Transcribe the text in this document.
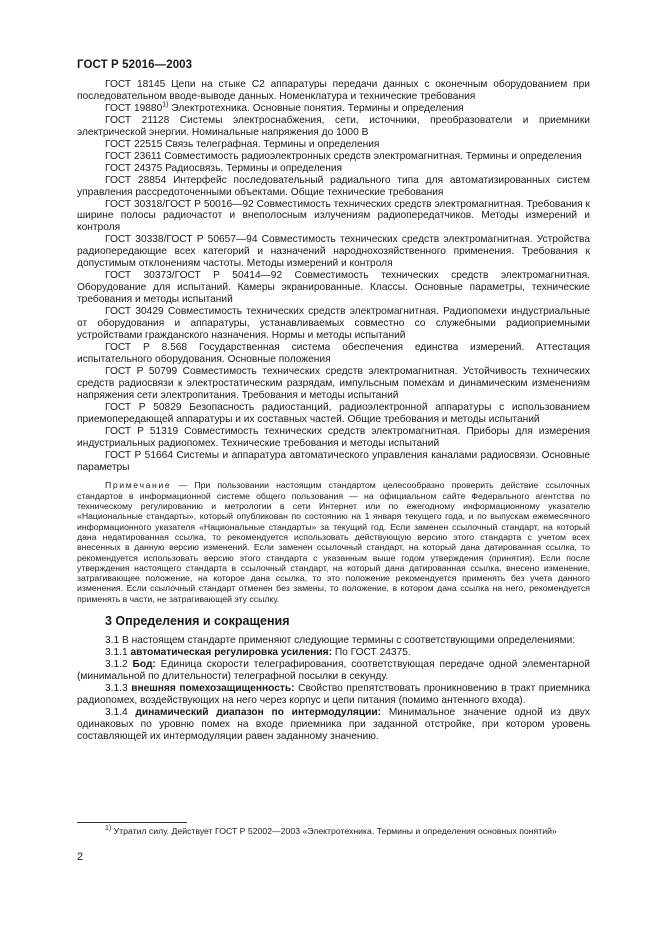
ГОСТ Р 52016—2003

ГОСТ 18145 Цепи на стыке С2 аппаратуры передачи данных с оконечным оборудованием при последовательном вводе-выводе данных. Номенклатура и технические требования

ГОСТ 19880$^{1)}$ Электротехника. Основные понятия. Термины и определения

ГОСТ 21128 Системы электроснабжения, сети, источники, преобразователи и приемники электрической энергии. Номинальные напряжения до 1000 В

ГОСТ 22515 Связь телеграфная. Термины и определения

ГОСТ 23611 Совместимость радиоэлектронных средств электромагнитная. Термины и определения

ГОСТ 24375 Радиосвязь. Термины и определения

ГОСТ 28854 Интерфейс последовательный радиального типа для автоматизированных систем управления рассредоточенными объектами. Общие технические требования

ГОСТ 30318/ГОСТ Р 50016—92 Совместимость технических средств электромагнитная. Требования к ширине полосы радиочастот и внеполосным излучениям радиопередатчиков. Методы измерений и контроля

ГОСТ 30338/ГОСТ Р 50657—94 Совместимость технических средств электромагнитная. Устройства радиопередающие всех категорий и назначений народнохозяйственного применения. Требования к допустимым отклонениям частоты. Методы измерений и контроля

ГОСТ 30373/ГОСТ Р 50414—92 Совместимость технических средств электромагнитная. Оборудование для испытаний. Камеры экранированные. Классы. Основные параметры, технические требования и методы испытаний

ГОСТ 30429 Совместимость технических средств электромагнитная. Радиопомехи индустриальные от оборудования и аппаратуры, устанавливаемых совместно со служебными радиоприемными устройствами гражданского назначения. Нормы и методы испытаний

ГОСТ Р 8.568 Государственная система обеспечения единства измерений. Аттестация испытательного оборудования. Основные положения

ГОСТ Р 50799 Совместимость технических средств электромагнитная. Устойчивость технических средств радиосвязи к электростатическим разрядам, импульсным помехам и динамическим изменениям напряжения сети электропитания. Требования и методы испытаний

ГОСТ Р 50829 Безопасность радиостанций, радиоэлектронной аппаратуры с использованием приемопередающей аппаратуры и их составных частей. Общие требования и методы испытаний

ГОСТ Р 51319 Совместимость технических средств электромагнитная. Приборы для измерения индустриальных радиопомех. Технические требования и методы испытаний

ГОСТ Р 51664 Системы и аппаратура автоматического управления каналами радиосвязи. Основные параметры

Примечание — При пользовании настоящим стандартом целесообразно проверить действие ссылочных стандартов в информационной системе общего пользования — на официальном сайте Федерального агентства по техническому регулированию и метрологии в сети Интернет или по ежегодному информационному указателю «Национальные стандарты», который опубликован по состоянию на 1 января текущего года, и по выпускам ежемесячного информационного указателя «Национальные стандарты» за текущий год. Если заменен ссылочный стандарт, на который дана недатированная ссылка, то рекомендуется использовать действующую версию этого стандарта с учетом всех внесенных в данную версию изменений. Если заменен ссылочный стандарт, на который дана датированная ссылка, то рекомендуется использовать версию этого стандарта с указанным выше годом утверждения (принятия). Если после утверждения настоящего стандарта в ссылочный стандарт, на который дана датированная ссылка, внесено изменение, затрагивающее положение, на которое дана ссылка, то это положение рекомендуется применять без учета данного изменения. Если ссылочный стандарт отменен без замены, то положение, в котором дана ссылка на него, рекомендуется применять в части, не затрагивающей эту ссылку.

3 Определения и сокращения

3.1 В настоящем стандарте применяют следующие термины с соответствующими определениями:

3.1.1 автоматическая регулировка усиления: По ГОСТ 24375.

3.1.2 Бод: Единица скорости телеграфирования, соответствующая передаче одной элементарной (минимальной по длительности) телеграфной посылки в секунду.

3.1.3 внешняя помехозащищенность: Свойство препятствовать проникновению в тракт приемника радиопомех, воздействующих на него через корпус и цепи питания (помимо антенного входа).

3.1.4 динамический диапазон по интермодуляции: Минимальное значение одной из двух одинаковых по уровню помех на входе приемника при заданной отстройке, при котором уровень составляющей их интермодуляции равен заданному значению.

$^{1)}$ Утратил силу. Действует ГОСТ Р 52002—2003 «Электротехника. Термины и определения основных понятий»
2
